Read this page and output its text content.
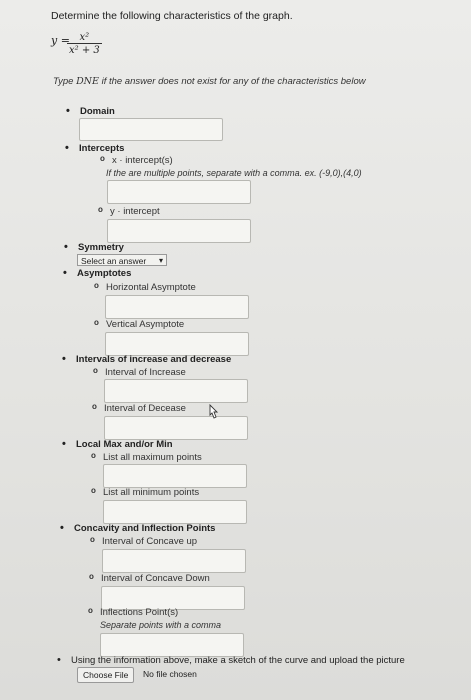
Determine the following characteristics of the graph.
y =
$\frac{\text{x²}}{\text{x² + 3}}$
Type DNE if the answer does not exist for any of the characteristics below
• Domain
• Intercepts
o x · intercept(s)
If the are multiple points, separate with a comma. ex. (-9,0),(4,0)
o y · intercept
• Symmetry
Select an answer ▾
• Asymptotes
o Horizontal Asymptote
o Vertical Asymptote
• Intervals of increase and decrease
o Interval of Increase
o Interval of Decease
• Local Max and/or Min
o List all maximum points
o List all minimum points
• Concavity and Inflection Points
o Interval of Concave up
o Interval of Concave Down
o Inflections Point(s)
Separate points with a comma
• Using the information above, make a sketch of the curve and upload the picture
Choose File	No file chosen
